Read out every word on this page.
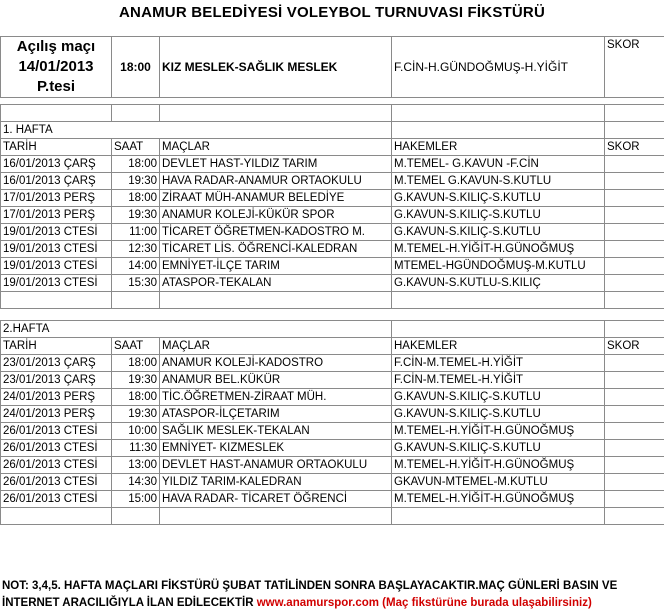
ANAMUR BELEDİYESİ VOLEYBOL TURNUVASI FİKSTÜRÜ
Açılış maçı
14/01/2013
P.tesi
	18:00	KIZ MESLEK-SAĞLIK MESLEK	F.CİN-H.GÜNDOĞMUŞ-H.YİĞİT	SKOR

1. HAFTA				
TARİH	SAAT	MAÇLAR	HAKEMLER	SKOR
16/01/2013 ÇARŞ	18:00	DEVLET HAST-YILDIZ TARIM	M.TEMEL- G.KAVUN -F.CİN	
16/01/2013 ÇARŞ	19:30	HAVA RADAR-ANAMUR ORTAOKULU	M.TEMEL G.KAVUN-S.KUTLU	
17/01/2013 PERŞ	18:00	ZİRAAT MÜH-ANAMUR BELEDİYE	G.KAVUN-S.KILIÇ-S.KUTLU	
17/01/2013 PERŞ	19:30	ANAMUR KOLEJİ-KÜKÜR SPOR	G.KAVUN-S.KILIÇ-S.KUTLU	
19/01/2013 CTESİ	11:00	TİCARET ÖĞRETMEN-KADOSTRO M.	G.KAVUN-S.KILIÇ-S.KUTLU	
19/01/2013 CTESİ	12:30	TİCARET LİS. ÖĞRENCİ-KALEDRAN	M.TEMEL-H.YİĞİT-H.GÜNOĞMUŞ	
19/01/2013 CTESİ	14:00	EMNİYET-İLÇE TARIM	MTEMEL-HGÜNDOĞMUŞ-M.KUTLU	
19/01/2013 CTESİ	15:30	ATASPOR-TEKALAN	G.KAVUN-S.KUTLU-S.KILIÇ	

2.HAFTA				
TARİH	SAAT	MAÇLAR	HAKEMLER	SKOR
23/01/2013 ÇARŞ	18:00	ANAMUR KOLEJİ-KADOSTRO	F.CİN-M.TEMEL-H.YİĞİT	
23/01/2013 ÇARŞ	19:30	ANAMUR BEL.KÜKÜR	F.CİN-M.TEMEL-H.YİĞİT	
24/01/2013 PERŞ	18:00	TİC.ÖĞRETMEN-ZİRAAT MÜH.	G.KAVUN-S.KILIÇ-S.KUTLU	
24/01/2013 PERŞ	19:30	ATASPOR-İLÇETARIM	G.KAVUN-S.KILIÇ-S.KUTLU	
26/01/2013 CTESİ	10:00	SAĞLIK MESLEK-TEKALAN	M.TEMEL-H.YİĞİT-H.GÜNOĞMUŞ	
26/01/2013 CTESİ	11:30	EMNİYET- KIZMESLEK	G.KAVUN-S.KILIÇ-S.KUTLU	
26/01/2013 CTESİ	13:00	DEVLET HAST-ANAMUR ORTAOKULU	M.TEMEL-H.YİĞİT-H.GÜNOĞMUŞ	
26/01/2013 CTESİ	14:30	YILDIZ TARIM-KALEDRAN	GKAVUN-MTEMEL-M.KUTLU	
26/01/2013 CTESİ	15:00	HAVA RADAR- TİCARET ÖĞRENCİ	M.TEMEL-H.YİĞİT-H.GÜNOĞMUŞ	

NOT: 3,4,5. HAFTA MAÇLARI FİKSTÜRÜ ŞUBAT TATİLİNDEN SONRA BAŞLAYACAKTIR.MAÇ GÜNLERİ BASIN VE
İNTERNET ARACILIĞIYLA İLAN EDİLECEKTİR www.anamurspor.com (Maç fikstürüne burada ulaşabilirsiniz)
